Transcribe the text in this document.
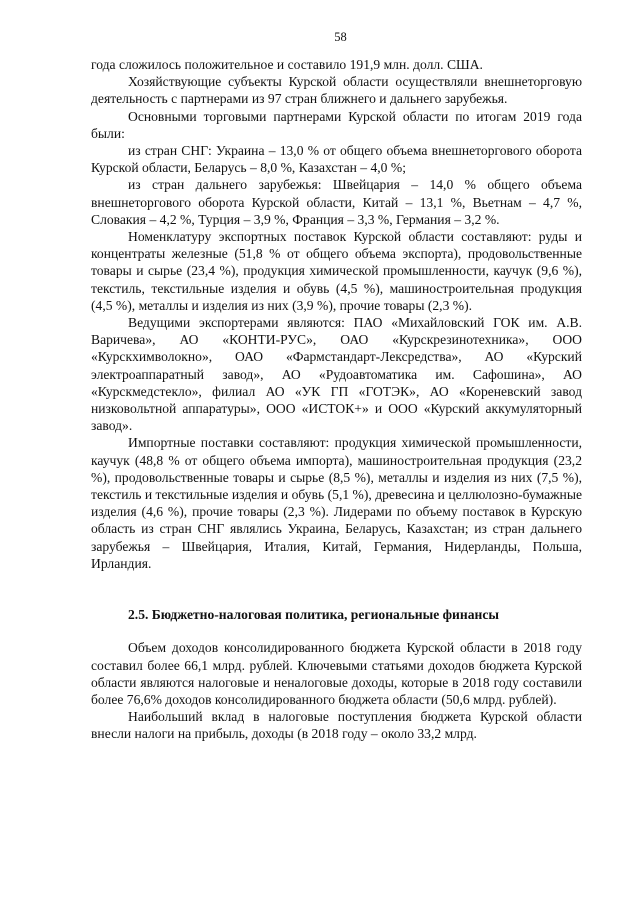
58

года сложилось положительное и составило 191,9 млн. долл. США.

Хозяйствующие субъекты Курской области осуществляли внешнеторговую деятельность с партнерами из 97 стран ближнего и дальнего зарубежья.

Основными торговыми партнерами Курской области по итогам 2019 года были:

из стран СНГ: Украина – 13,0 % от общего объема внешнеторгового оборота Курской области, Беларусь – 8,0 %, Казахстан – 4,0 %;

из стран дальнего зарубежья: Швейцария – 14,0 % общего объема внешнеторгового оборота Курской области, Китай – 13,1 %, Вьетнам – 4,7 %, Словакия – 4,2 %, Турция – 3,9 %, Франция – 3,3 %, Германия – 3,2 %.

Номенклатуру экспортных поставок Курской области составляют: руды и концентраты железные (51,8 % от общего объема экспорта), продовольственные товары и сырье (23,4 %), продукция химической промышленности, каучук (9,6 %), текстиль, текстильные изделия и обувь (4,5 %), машиностроительная продукция (4,5 %), металлы и изделия из них (3,9 %), прочие товары (2,3 %).

Ведущими экспортерами являются: ПАО «Михайловский ГОК им. А.В. Варичева», АО «КОНТИ-РУС», ОАО «Курскрезинотехника», ООО «Курскхимволокно», ОАО «Фармстандарт-Лексредства», АО «Курский электроаппаратный завод», АО «Рудоавтоматика им. Сафошина», АО «Курскмедстекло», филиал АО «УК ГП «ГОТЭК», АО «Кореневский завод низковольтной аппаратуры», ООО «ИСТОК+» и ООО «Курский аккумуляторный завод».

Импортные поставки составляют: продукция химической промышленности, каучук (48,8 % от общего объема импорта), машиностроительная продукция (23,2 %), продовольственные товары и сырье (8,5 %), металлы и изделия из них (7,5 %), текстиль и текстильные изделия и обувь (5,1 %), древесина и целлюлозно-бумажные изделия (4,6 %), прочие товары (2,3 %). Лидерами по объему поставок в Курскую область из стран СНГ являлись Украина, Беларусь, Казахстан; из стран дальнего зарубежья – Швейцария, Италия, Китай, Германия, Нидерланды, Польша, Ирландия.

2.5. Бюджетно-налоговая политика, региональные финансы

Объем доходов консолидированного бюджета Курской области в 2018 году составил более 66,1 млрд. рублей. Ключевыми статьями доходов бюджета Курской области являются налоговые и неналоговые доходы, которые в 2018 году составили более 76,6% доходов консолидированного бюджета области (50,6 млрд. рублей).

Наибольший вклад в налоговые поступления бюджета Курской области внесли налоги на прибыль, доходы (в 2018 году – около 33,2 млрд.
